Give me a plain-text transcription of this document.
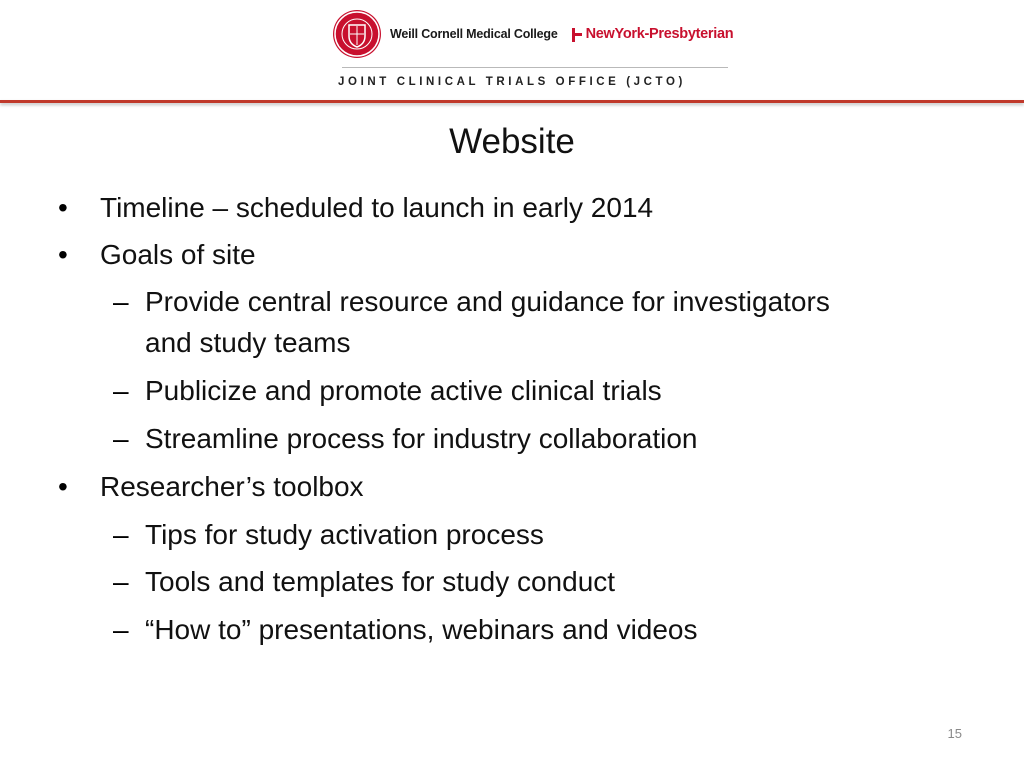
Weill Cornell Medical College NewYork-Presbyterian
JOINT CLINICAL TRIALS OFFICE (JCTO)
Website
• Timeline – scheduled to launch in early 2014
• Goals of site
– Provide central resource and guidance for investigators
and study teams
– Publicize and promote active clinical trials
– Streamline process for industry collaboration
• Researcher’s toolbox
– Tips for study activation process
– Tools and templates for study conduct
– “How to” presentations, webinars and videos
15
